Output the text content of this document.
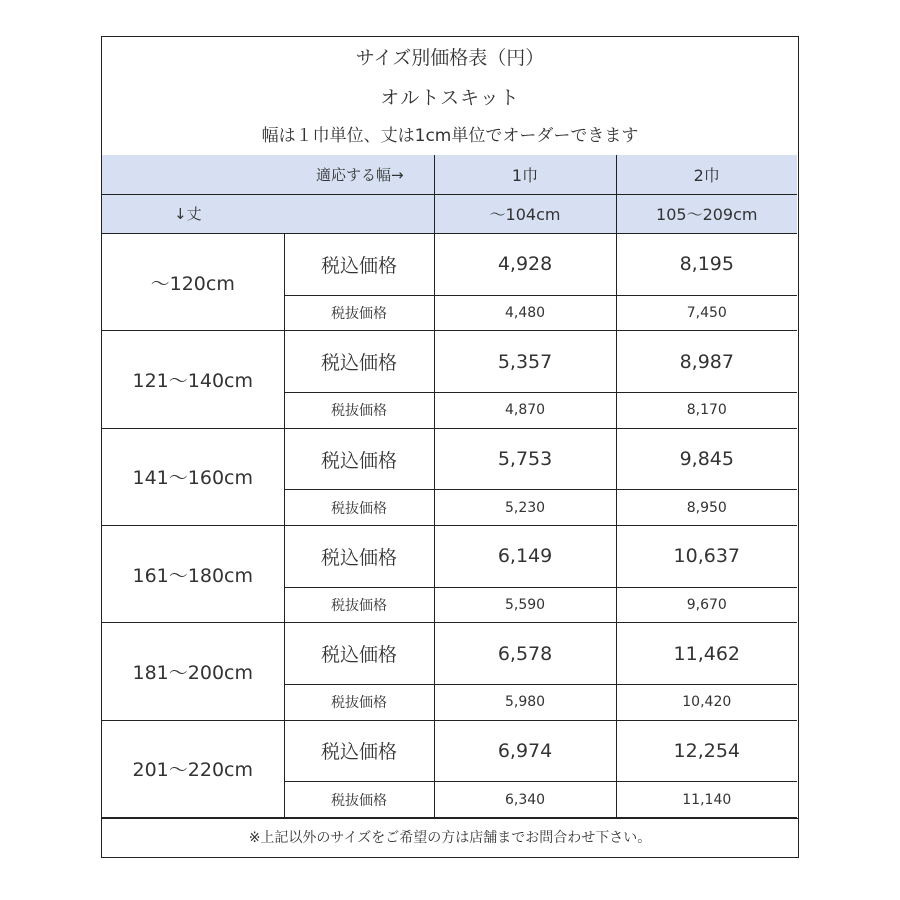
サイズ別価格表（円）
オルトスキット
幅は１巾単位、丈は1cm単位でオーダーできます
適応する幅→		1巾	2巾
↓丈		〜104cm	105〜209cm
〜120cm	税込価格	4,928	8,195
	税抜価格	4,480	7,450
121〜140cm	税込価格	5,357	8,987
	税抜価格	4,870	8,170
141〜160cm	税込価格	5,753	9,845
	税抜価格	5,230	8,950
161〜180cm	税込価格	6,149	10,637
	税抜価格	5,590	9,670
181〜200cm	税込価格	6,578	11,462
	税抜価格	5,980	10,420
201〜220cm	税込価格	6,974	12,254
	税抜価格	6,340	11,140
※上記以外のサイズをご希望の方は店舗までお問合わせ下さい。
